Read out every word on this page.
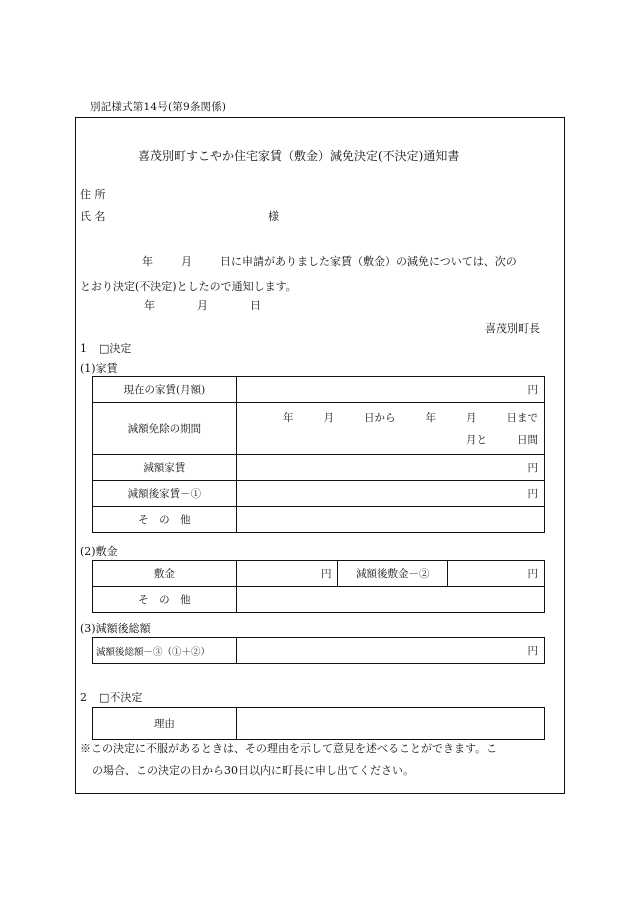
別記様式第14号(第9条関係)
喜茂別町すこやか住宅家賃（敷金）減免決定(不決定)通知書
住 所
氏 名	様
年	月	日に申請がありました家賃（敷金）の減免については、次の
とおり決定(不決定)としたので通知します。
年	月	日
喜茂別町長
1 □決定
(1)家賃
現在の家賃(月額)	円
減額免除の期間	年 月 日から 年 月 日まで
月と 日間

減額家賃	円
減額後家賃－①	円
そ　の　他	
(2)敷金
敷金	円	減額後敷金－②	円
そ　の　他			
(3)減額後総額
減額後総額－③（①＋②）	円
2 □不決定
理由	
※この決定に不服があるときは、その理由を示して意見を述べることができます。こ
の場合、この決定の日から30日以内に町長に申し出てください。
